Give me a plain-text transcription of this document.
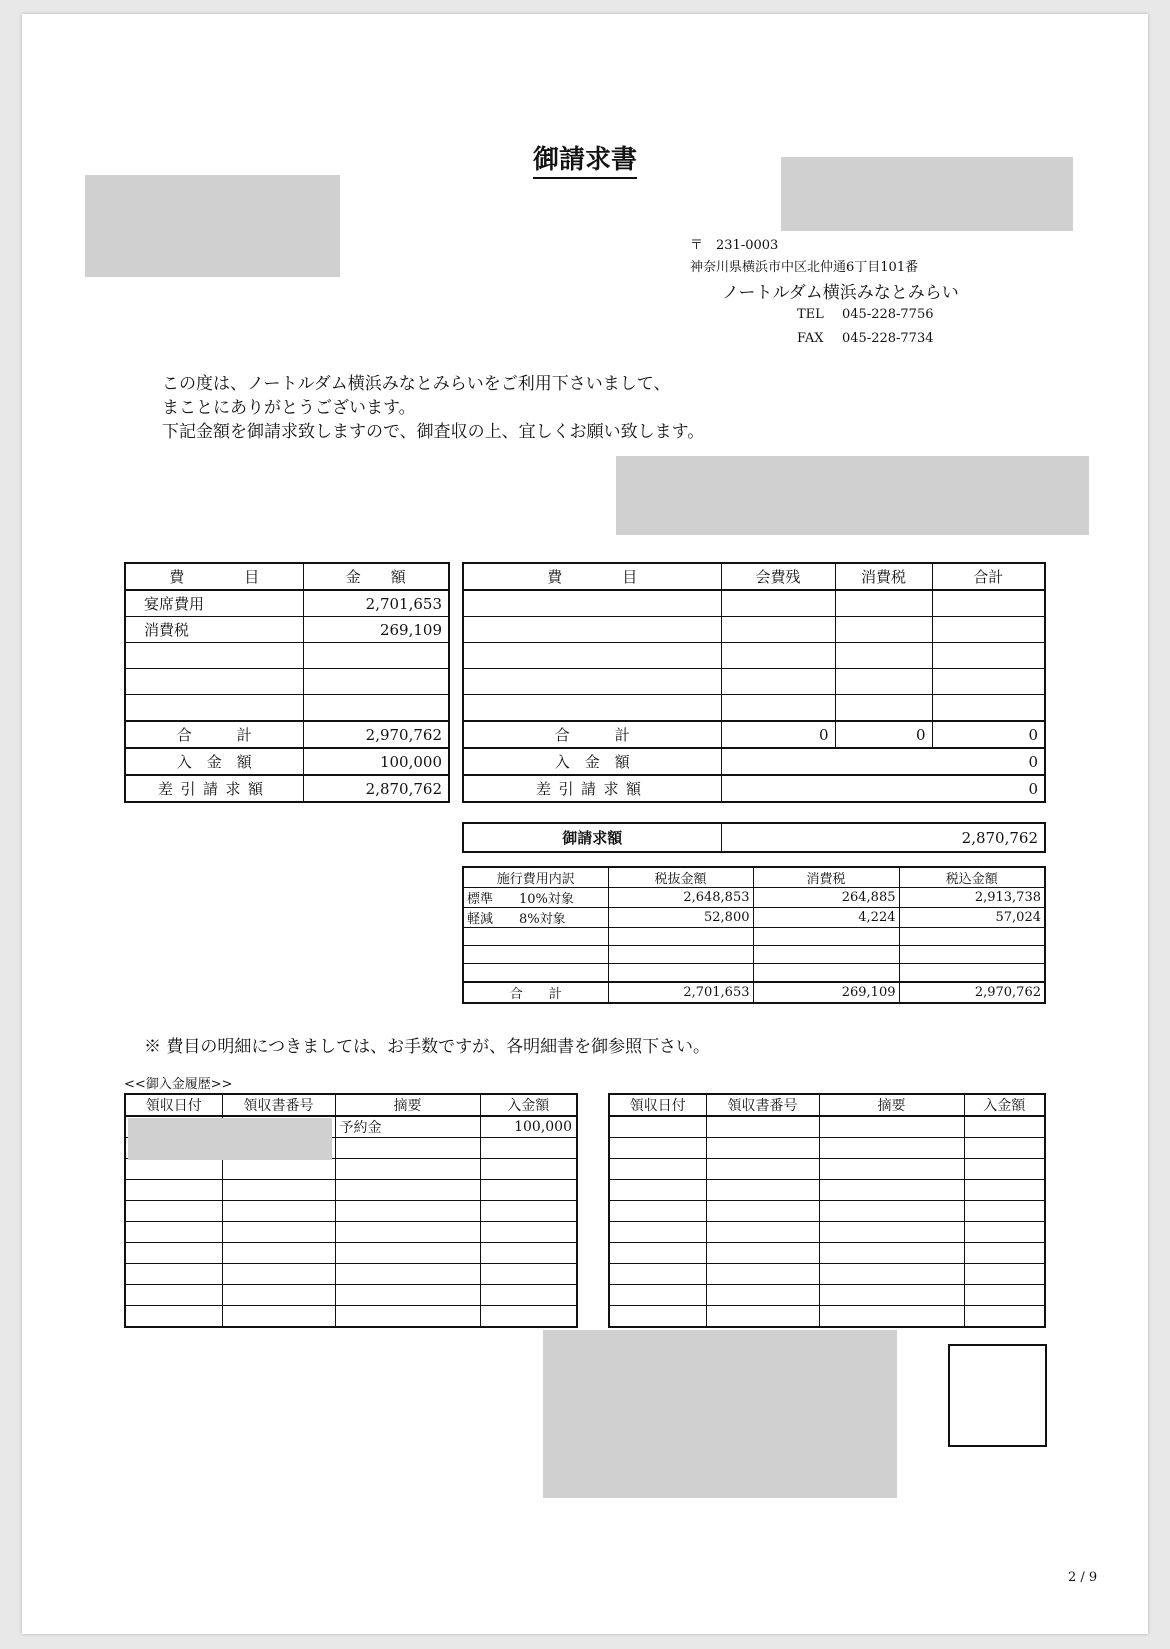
御請求書
〒　231-0003
神奈川県横浜市中区北仲通6丁目101番
ノートルダム横浜みなとみらい
TEL 045-228-7756
FAX 045-228-7734
この度は、ノートルダム横浜みなとみらいをご利用下さいまして、
まことにありがとうございます。
下記金額を御請求致しますので、御査収の上、宜しくお願い致します。
費　　　　目	金　　額
宴席費用	2,701,653
消費税	269,109

合　　　計	2,970,762
入　金　額	100,000
差引請求額	2,870,762
費　　　　目	会費残	消費税	合計

合　　　計	0	0	0
入　金　額	0		
差引請求額	0		
御請求額	2,870,762
施行費用内訳	税抜金額	消費税	税込金額
標準　　10%対象	2,648,853	264,885	2,913,738
軽減　　8%対象	52,800	4,224	57,024

合　　計	2,701,653	269,109	2,970,762
※ 費目の明細につきましては、お手数ですが、各明細書を御参照下さい。
<<御入金履歴>>
領収日付	領収書番号	摘要	入金額
		予約金	100,000

領収日付	領収書番号	摘要	入金額

2 / 9
